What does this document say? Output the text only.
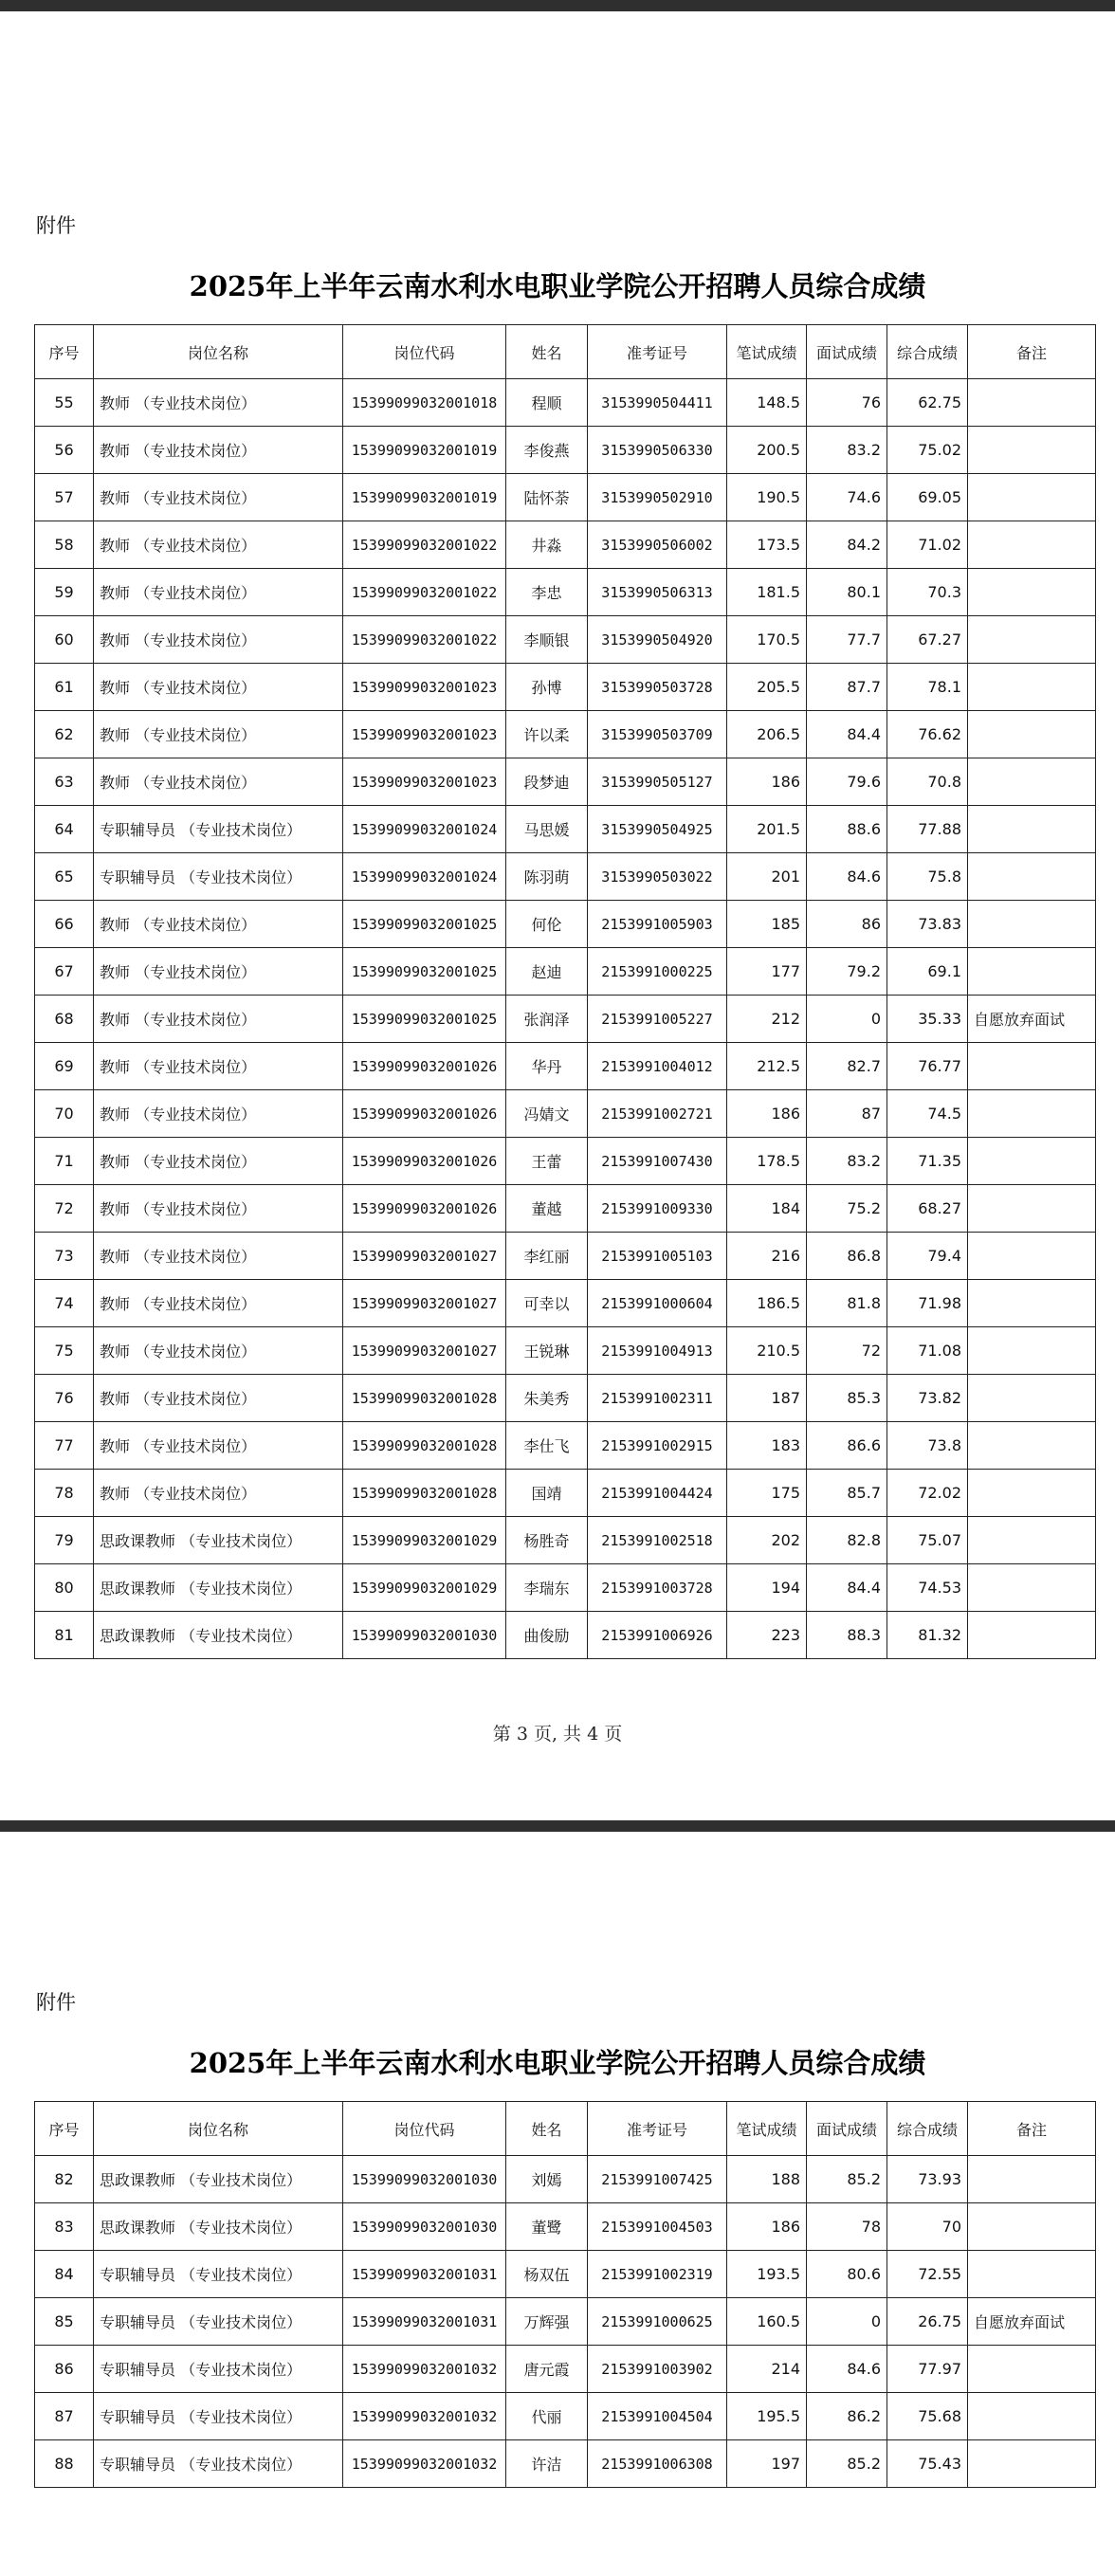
附件
2025年上半年云南水利水电职业学院公开招聘人员综合成绩
序号	岗位名称	岗位代码	姓名	准考证号	笔试成绩	面试成绩	综合成绩	备注
55	教师 （专业技术岗位）	15399099032001018	程顺	3153990504411	148.5	76	62.75	
56	教师 （专业技术岗位）	15399099032001019	李俊燕	3153990506330	200.5	83.2	75.02	
57	教师 （专业技术岗位）	15399099032001019	陆怀荼	3153990502910	190.5	74.6	69.05	
58	教师 （专业技术岗位）	15399099032001022	井淼	3153990506002	173.5	84.2	71.02	
59	教师 （专业技术岗位）	15399099032001022	李忠	3153990506313	181.5	80.1	70.3	
60	教师 （专业技术岗位）	15399099032001022	李顺银	3153990504920	170.5	77.7	67.27	
61	教师 （专业技术岗位）	15399099032001023	孙博	3153990503728	205.5	87.7	78.1	
62	教师 （专业技术岗位）	15399099032001023	许以柔	3153990503709	206.5	84.4	76.62	
63	教师 （专业技术岗位）	15399099032001023	段梦迪	3153990505127	186	79.6	70.8	
64	专职辅导员 （专业技术岗位）	15399099032001024	马思媛	3153990504925	201.5	88.6	77.88	
65	专职辅导员 （专业技术岗位）	15399099032001024	陈羽萌	3153990503022	201	84.6	75.8	
66	教师 （专业技术岗位）	15399099032001025	何伦	2153991005903	185	86	73.83	
67	教师 （专业技术岗位）	15399099032001025	赵迪	2153991000225	177	79.2	69.1	
68	教师 （专业技术岗位）	15399099032001025	张润泽	2153991005227	212	0	35.33	自愿放弃面试
69	教师 （专业技术岗位）	15399099032001026	华丹	2153991004012	212.5	82.7	76.77	
70	教师 （专业技术岗位）	15399099032001026	冯婧文	2153991002721	186	87	74.5	
71	教师 （专业技术岗位）	15399099032001026	王蕾	2153991007430	178.5	83.2	71.35	
72	教师 （专业技术岗位）	15399099032001026	董越	2153991009330	184	75.2	68.27	
73	教师 （专业技术岗位）	15399099032001027	李红丽	2153991005103	216	86.8	79.4	
74	教师 （专业技术岗位）	15399099032001027	可幸以	2153991000604	186.5	81.8	71.98	
75	教师 （专业技术岗位）	15399099032001027	王锐琳	2153991004913	210.5	72	71.08	
76	教师 （专业技术岗位）	15399099032001028	朱美秀	2153991002311	187	85.3	73.82	
77	教师 （专业技术岗位）	15399099032001028	李仕飞	2153991002915	183	86.6	73.8	
78	教师 （专业技术岗位）	15399099032001028	国靖	2153991004424	175	85.7	72.02	
79	思政课教师 （专业技术岗位）	15399099032001029	杨胜奇	2153991002518	202	82.8	75.07	
80	思政课教师 （专业技术岗位）	15399099032001029	李瑞东	2153991003728	194	84.4	74.53	
81	思政课教师 （专业技术岗位）	15399099032001030	曲俊励	2153991006926	223	88.3	81.32	
第 3 页, 共 4 页
附件
2025年上半年云南水利水电职业学院公开招聘人员综合成绩
序号	岗位名称	岗位代码	姓名	准考证号	笔试成绩	面试成绩	综合成绩	备注
82	思政课教师 （专业技术岗位）	15399099032001030	刘嫣	2153991007425	188	85.2	73.93	
83	思政课教师 （专业技术岗位）	15399099032001030	董鹭	2153991004503	186	78	70	
84	专职辅导员 （专业技术岗位）	15399099032001031	杨双伍	2153991002319	193.5	80.6	72.55	
85	专职辅导员 （专业技术岗位）	15399099032001031	万辉强	2153991000625	160.5	0	26.75	自愿放弃面试
86	专职辅导员 （专业技术岗位）	15399099032001032	唐元霞	2153991003902	214	84.6	77.97	
87	专职辅导员 （专业技术岗位）	15399099032001032	代丽	2153991004504	195.5	86.2	75.68	
88	专职辅导员 （专业技术岗位）	15399099032001032	许洁	2153991006308	197	85.2	75.43	
